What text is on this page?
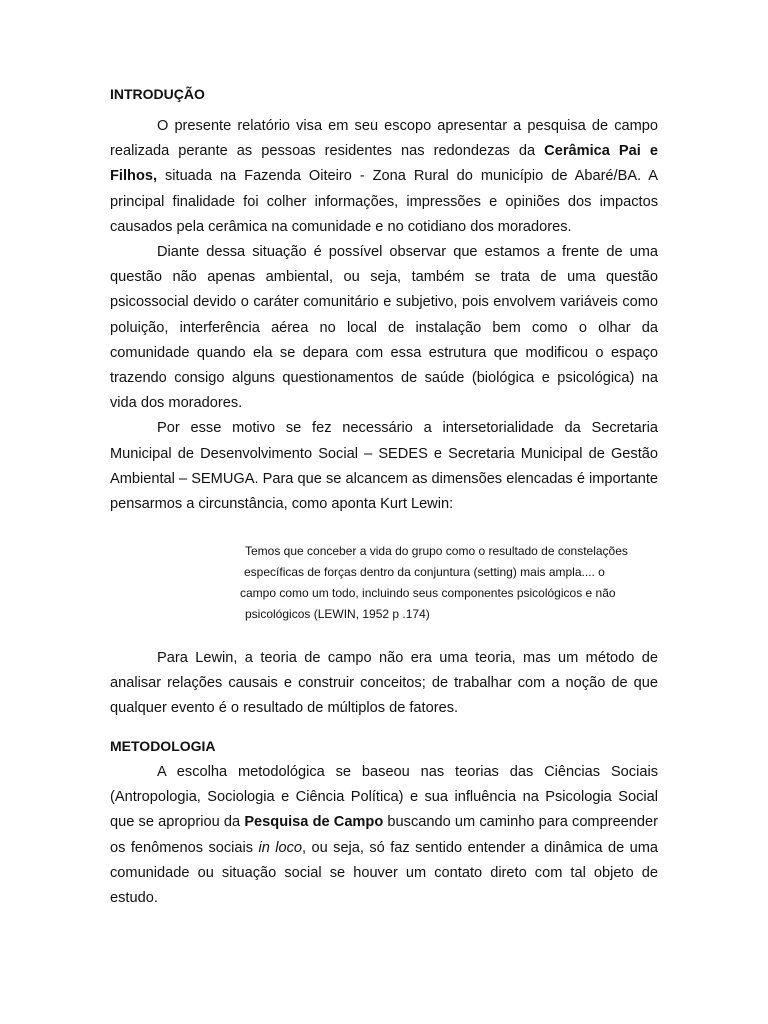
INTRODUÇÃO

O presente relatório visa em seu escopo apresentar a pesquisa de campo realizada perante as pessoas residentes nas redondezas da Cerâmica Pai e Filhos, situada na Fazenda Oiteiro - Zona Rural do município de Abaré/BA. A principal finalidade foi colher informações, impressões e opiniões dos impactos causados pela cerâmica na comunidade e no cotidiano dos moradores.

Diante dessa situação é possível observar que estamos a frente de uma questão não apenas ambiental, ou seja, também se trata de uma questão psicossocial devido o caráter comunitário e subjetivo, pois envolvem variáveis como poluição, interferência aérea no local de instalação bem como o olhar da comunidade quando ela se depara com essa estrutura que modificou o espaço trazendo consigo alguns questionamentos de saúde (biológica e psicológica) na vida dos moradores.

Por esse motivo se fez necessário a intersetorialidade da Secretaria Municipal de Desenvolvimento Social – SEDES e Secretaria Municipal de Gestão Ambiental – SEMUGA. Para que se alcancem as dimensões elencadas é importante pensarmos a circunstância, como aponta Kurt Lewin:

Temos que conceber a vida do grupo como o resultado de constelações
específicas de forças dentro da conjuntura (setting) mais ampla.... o
campo como um todo, incluindo seus componentes psicológicos e não
psicológicos (LEWIN, 1952 p .174)

Para Lewin, a teoria de campo não era uma teoria, mas um método de analisar relações causais e construir conceitos; de trabalhar com a noção de que qualquer evento é o resultado de múltiplos de fatores.

METODOLOGIA

A escolha metodológica se baseou nas teorias das Ciências Sociais (Antropologia, Sociologia e Ciência Política) e sua influência na Psicologia Social que se apropriou da Pesquisa de Campo buscando um caminho para compreender os fenômenos sociais in loco, ou seja, só faz sentido entender a dinâmica de uma comunidade ou situação social se houver um contato direto com tal objeto de estudo.
